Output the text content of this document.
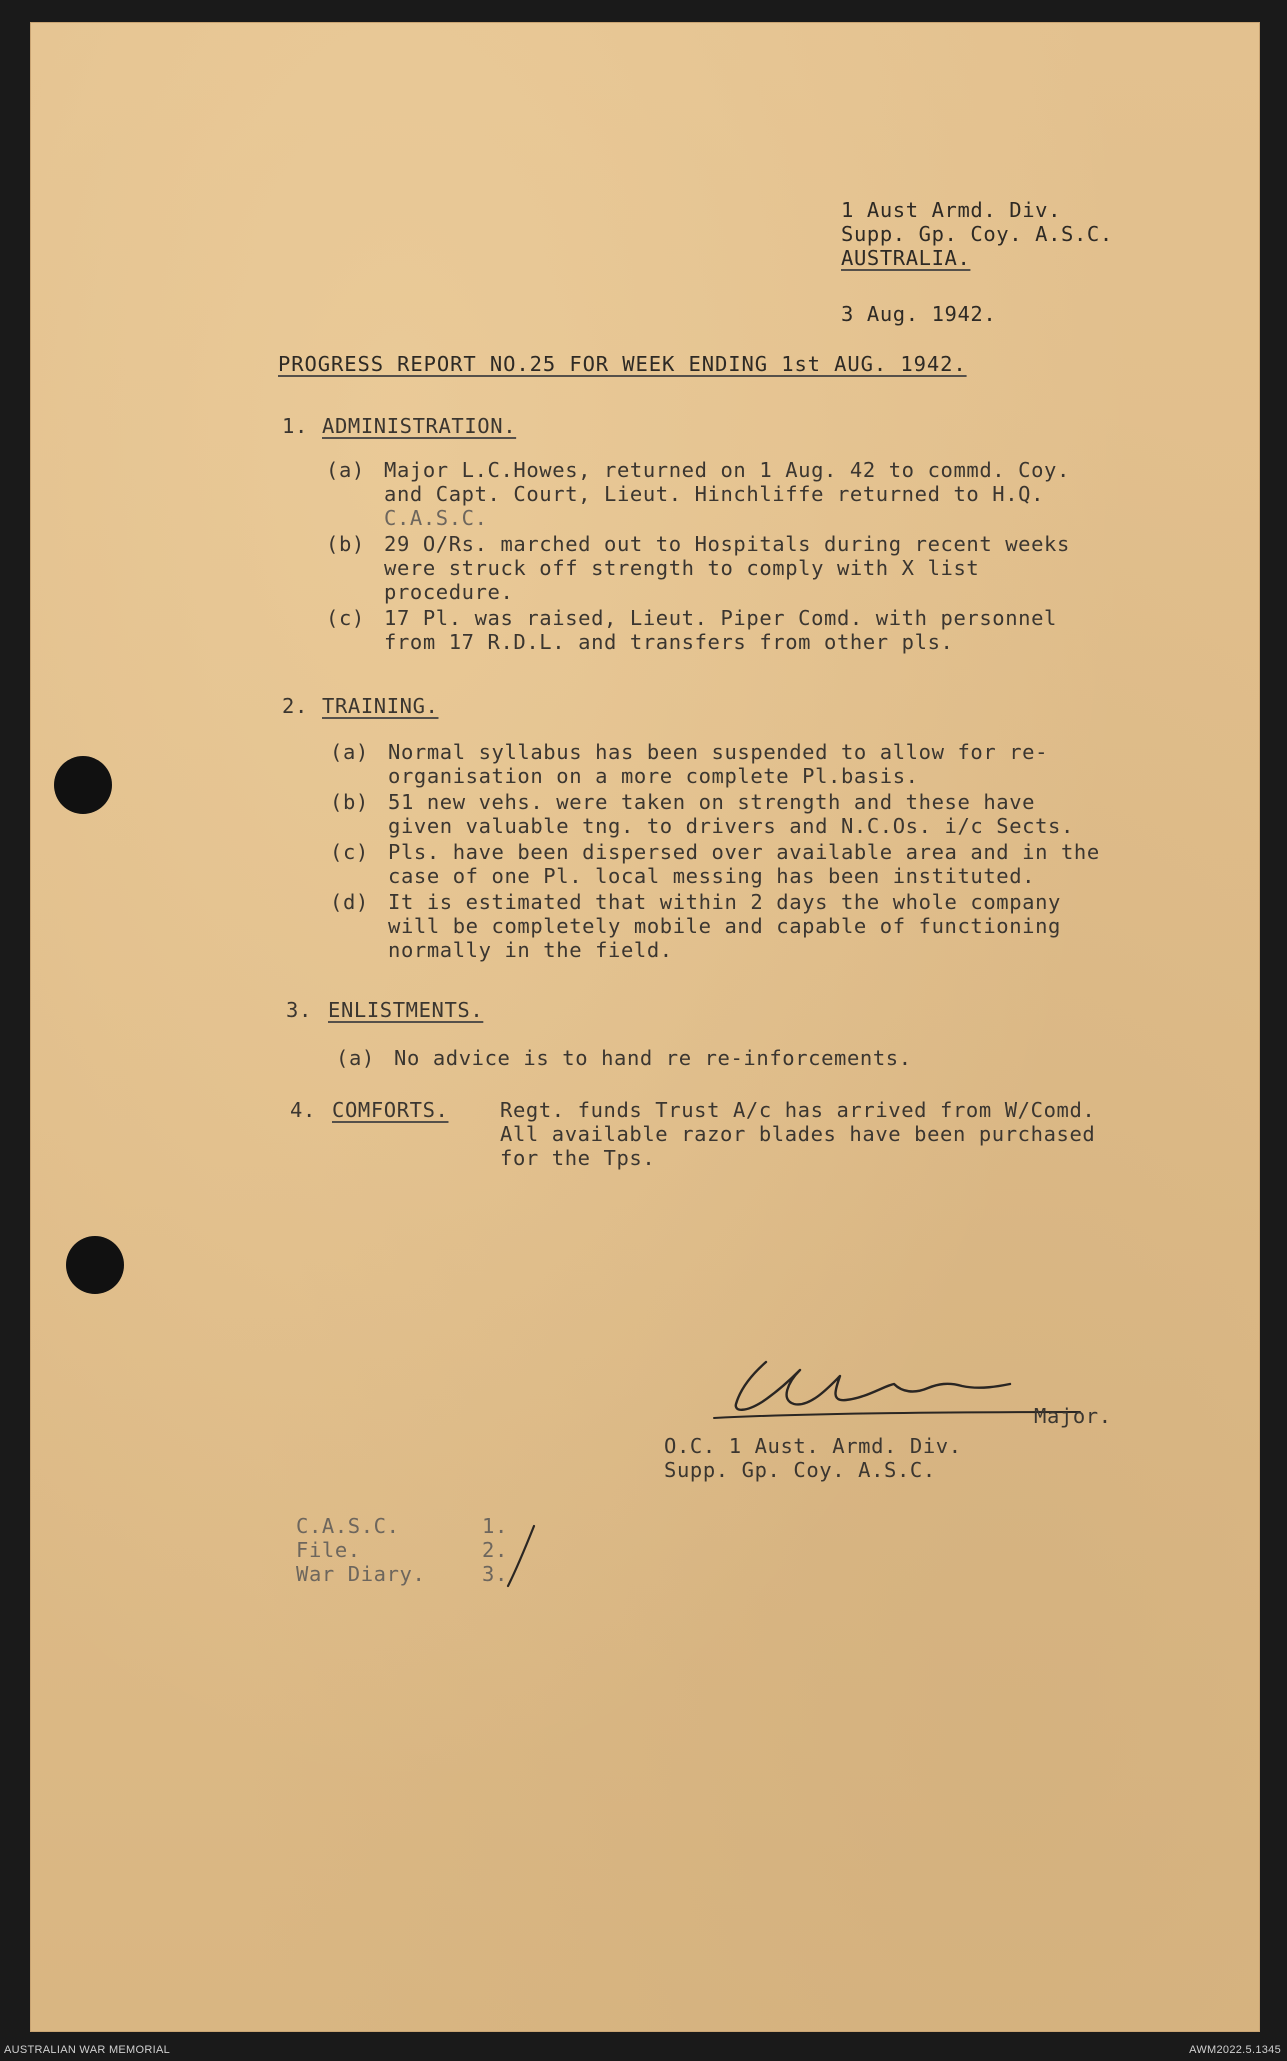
1 Aust Armd. Div.
Supp. Gp. Coy. A.S.C.
AUSTRALIA.
3 Aug. 1942.
PROGRESS REPORT NO.25 FOR WEEK ENDING 1st AUG. 1942.
1. ADMINISTRATION.
(a) Major L.C.Howes, returned on 1 Aug. 42 to commd. Coy.
and Capt. Court, Lieut. Hinchliffe returned to H.Q.
C.A.S.C.
(b) 29 O/Rs. marched out to Hospitals during recent weeks
were struck off strength to comply with X list
procedure.
(c) 17 Pl. was raised, Lieut. Piper Comd. with personnel
from 17 R.D.L. and transfers from other pls.
2. TRAINING.
(a) Normal syllabus has been suspended to allow for re-
organisation on a more complete Pl.basis.
(b) 51 new vehs. were taken on strength and these have
given valuable tng. to drivers and N.C.Os. i/c Sects.
(c) Pls. have been dispersed over available area and in the
case of one Pl. local messing has been instituted.
(d) It is estimated that within 2 days the whole company
will be completely mobile and capable of functioning
normally in the field.
3. ENLISTMENTS.
(a) No advice is to hand re re-inforcements.
4. COMFORTS.	Regt. funds Trust A/c has arrived from W/Comd.
All available razor blades have been purchased
for the Tps.
Major.
O.C. 1 Aust. Armd. Div.
Supp. Gp. Coy. A.S.C.
C.A.S.C.	1.
File.	2.
War Diary.	3.
AUSTRALIAN WAR MEMORIAL	AWM2022.5.1345
